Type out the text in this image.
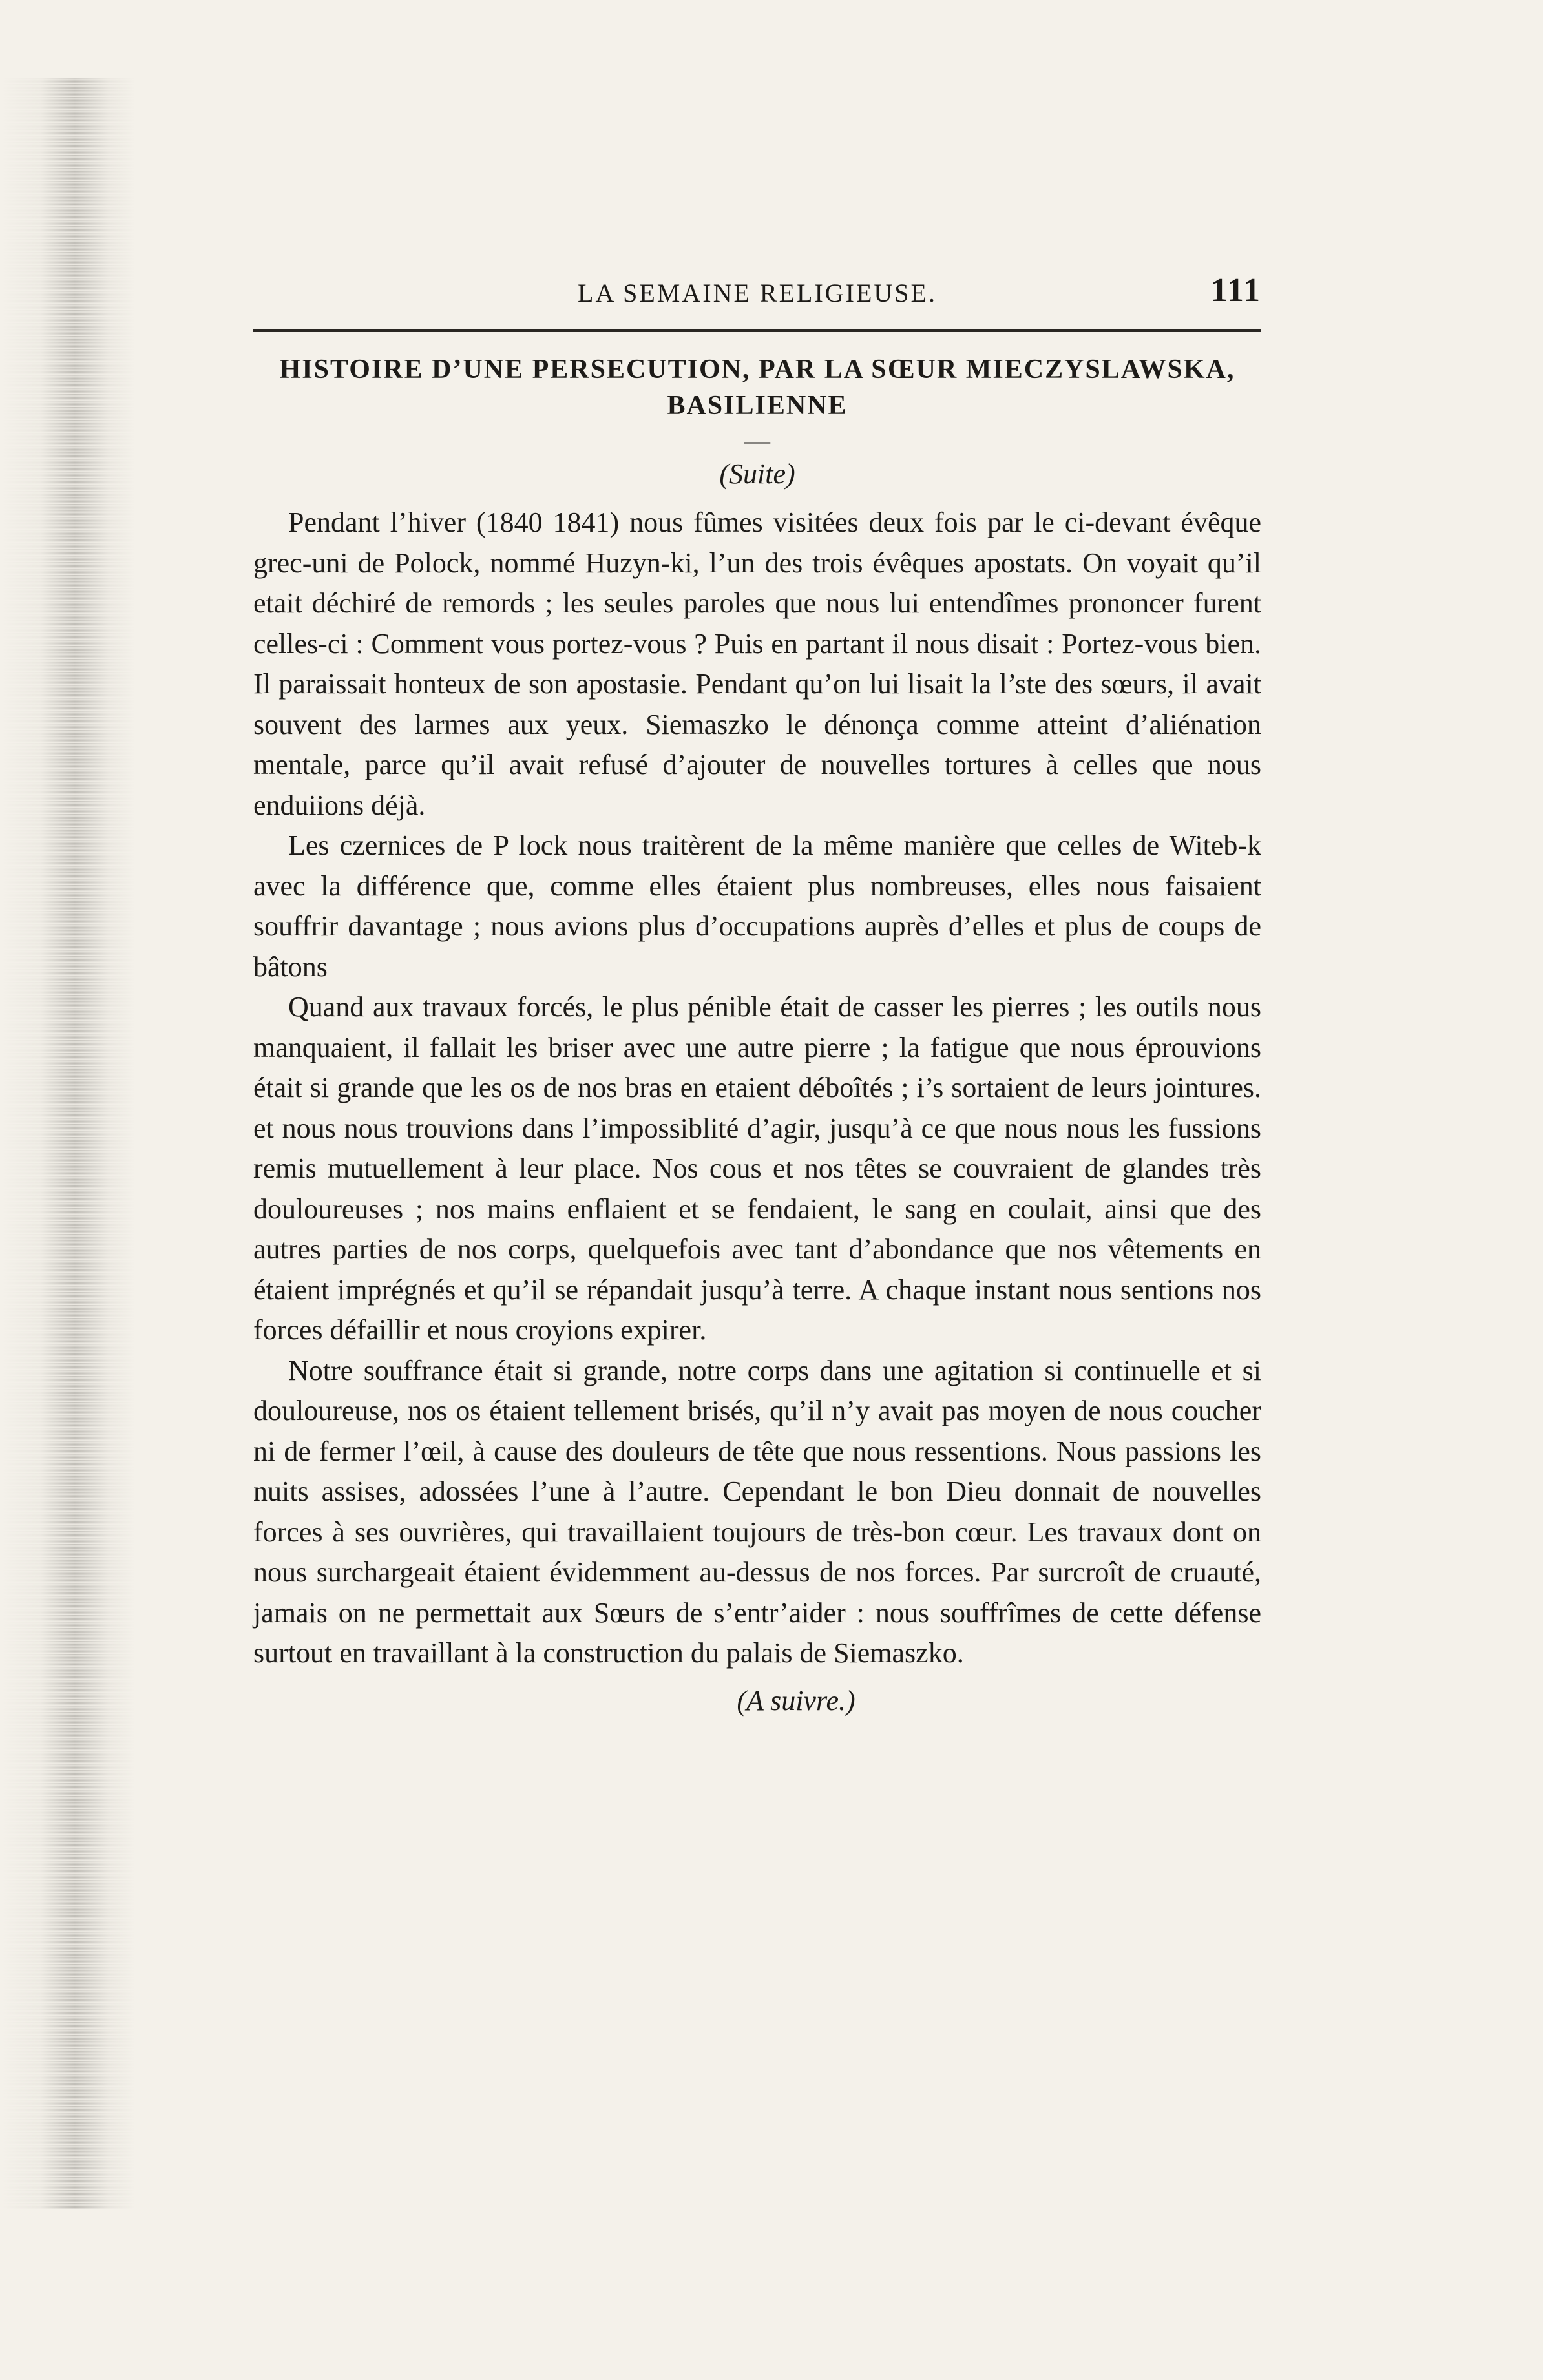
LA SEMAINE RELIGIEUSE.	111
HISTOIRE D’UNE PERSECUTION, PAR LA SŒUR MIECZYSLAWSKA, BASILIENNE
—
(Suite)

Pendant l’hiver (1840 1841) nous fûmes visitées deux fois par le ci-devant évêque grec-uni de Polock, nommé Huzyn-ki, l’un des trois évêques apostats. On voyait qu’il etait déchiré de remords ; les seules paroles que nous lui entendîmes prononcer furent celles-ci : Comment vous portez-vous ? Puis en partant il nous disait : Portez-vous bien. Il paraissait honteux de son apostasie. Pendant qu’on lui lisait la l’ste des sœurs, il avait souvent des larmes aux yeux. Siemaszko le dénonça comme atteint d’aliénation mentale, parce qu’il avait refusé d’ajouter de nouvelles tortures à celles que nous enduiions déjà.

Les czernices de P lock nous traitèrent de la même manière que celles de Witeb-k avec la différence que, comme elles étaient plus nombreuses, elles nous faisaient souffrir davantage ; nous avions plus d’occupations auprès d’elles et plus de coups de bâtons

Quand aux travaux forcés, le plus pénible était de casser les pierres ; les outils nous manquaient, il fallait les briser avec une autre pierre ; la fatigue que nous éprouvions était si grande que les os de nos bras en etaient déboîtés ; i’s sortaient de leurs jointures. et nous nous trouvions dans l’impossiblité d’agir, jusqu’à ce que nous nous les fussions remis mutuellement à leur place. Nos cous et nos têtes se couvraient de glandes très douloureuses ; nos mains enflaient et se fendaient, le sang en coulait, ainsi que des autres parties de nos corps, quelquefois avec tant d’abondance que nos vêtements en étaient imprégnés et qu’il se répandait jusqu’à terre. A chaque instant nous sentions nos forces défaillir et nous croyions expirer.

Notre souffrance était si grande, notre corps dans une agitation si continuelle et si douloureuse, nos os étaient tellement brisés, qu’il n’y avait pas moyen de nous coucher ni de fermer l’œil, à cause des douleurs de tête que nous ressentions. Nous passions les nuits assises, adossées l’une à l’autre. Cependant le bon Dieu donnait de nouvelles forces à ses ouvrières, qui travaillaient toujours de très-bon cœur. Les travaux dont on nous surchargeait étaient évidemment au-dessus de nos forces. Par surcroît de cruauté, jamais on ne permettait aux Sœurs de s’entr’aider : nous souffrîmes de cette défense surtout en travaillant à la construction du palais de Siemaszko.

(A suivre.)
